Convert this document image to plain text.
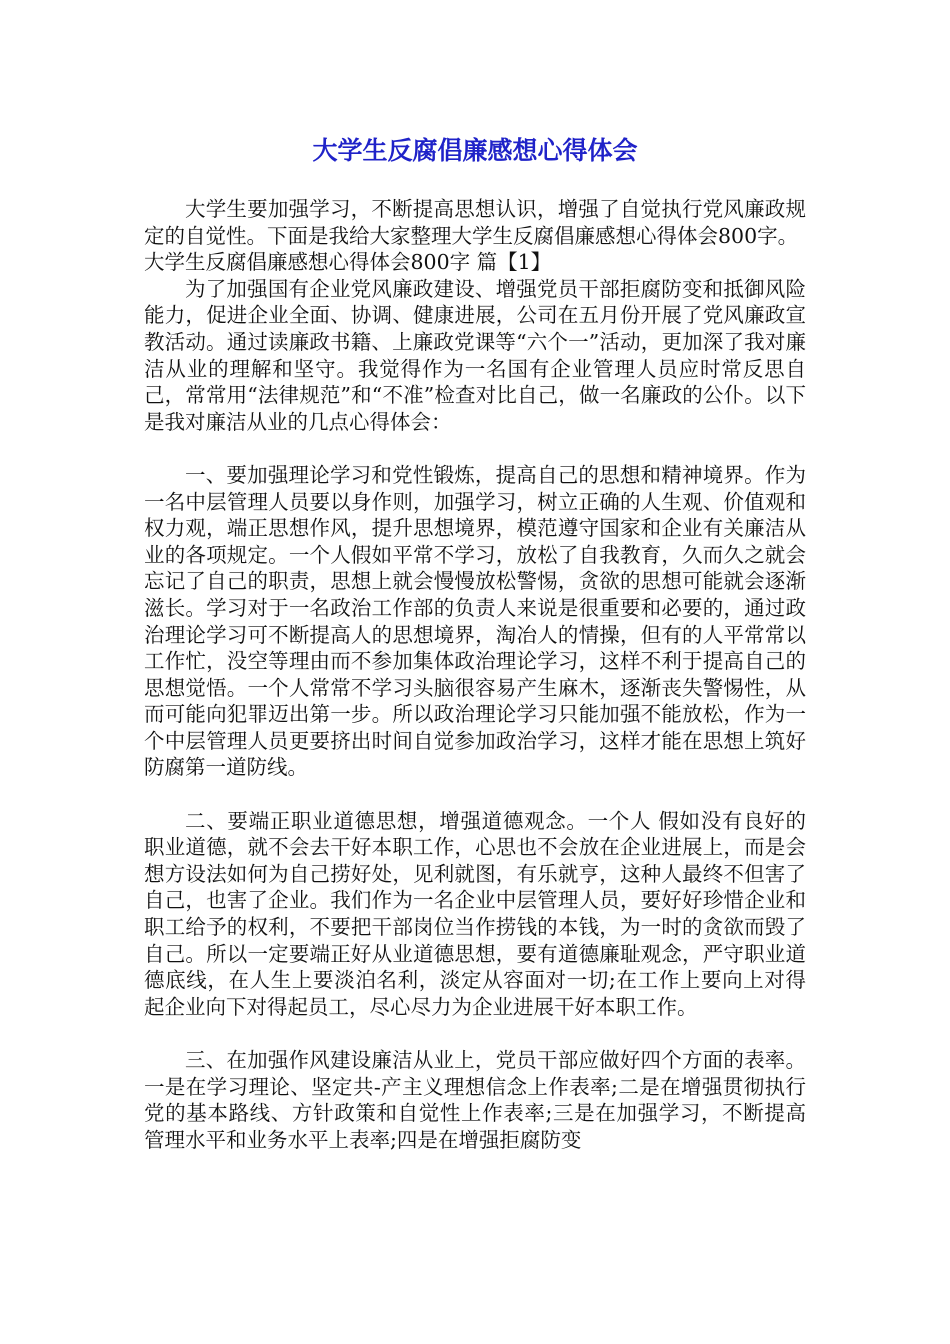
大学生反腐倡廉感想心得体会

大学生要加强学习，不断提高思想认识，增强了自觉执行党风廉政规定的自觉性。下面是我给大家整理大学生反腐倡廉感想心得体会800字。

大学生反腐倡廉感想心得体会800字 篇【1】

为了加强国有企业党风廉政建设、增强党员干部拒腐防变和抵御风险能力，促进企业全面、协调、健康进展，公司在五月份开展了党风廉政宣教活动。通过读廉政书籍、上廉政党课等“六个一”活动，更加深了我对廉洁从业的理解和坚守。我觉得作为一名国有企业管理人员应时常反思自己，常常用“法律规范”和“不准”检查对比自己，做一名廉政的公仆。以下是我对廉洁从业的几点心得体会：

一、要加强理论学习和党性锻炼，提高自己的思想和精神境界。作为一名中层管理人员要以身作则，加强学习，树立正确的人生观、价值观和权力观，端正思想作风，提升思想境界，模范遵守国家和企业有关廉洁从业的各项规定。一个人假如平常不学习，放松了自我教育，久而久之就会忘记了自己的职责，思想上就会慢慢放松警惕，贪欲的思想可能就会逐渐滋长。学习对于一名政治工作部的负责人来说是很重要和必要的，通过政治理论学习可不断提高人的思想境界，淘冶人的情操，但有的人平常常以工作忙，没空等理由而不参加集体政治理论学习，这样不利于提高自己的思想觉悟。一个人常常不学习头脑很容易产生麻木，逐渐丧失警惕性，从而可能向犯罪迈出第一步。所以政治理论学习只能加强不能放松，作为一个中层管理人员更要挤出时间自觉参加政治学习，这样才能在思想上筑好防腐第一道防线。

二、要端正职业道德思想，增强道德观念。一个人 假如没有良好的职业道德，就不会去干好本职工作，心思也不会放在企业进展上，而是会想方设法如何为自己捞好处，见利就图，有乐就亨，这种人最终不但害了自己，也害了企业。我们作为一名企业中层管理人员，要好好珍惜企业和职工给予的权利，不要把干部岗位当作捞钱的本钱，为一时的贪欲而毁了自己。所以一定要端正好从业道德思想，要有道德廉耻观念，严守职业道德底线，在人生上要淡泊名利，淡定从容面对一切;在工作上要向上对得起企业向下对得起员工，尽心尽力为企业进展干好本职工作。

三、在加强作风建设廉洁从业上，党员干部应做好四个方面的表率。一是在学习理论、坚定共-产主义理想信念上作表率;二是在增强贯彻执行党的基本路线、方针政策和自觉性上作表率;三是在加强学习，不断提高管理水平和业务水平上表率;四是在增强拒腐防变
